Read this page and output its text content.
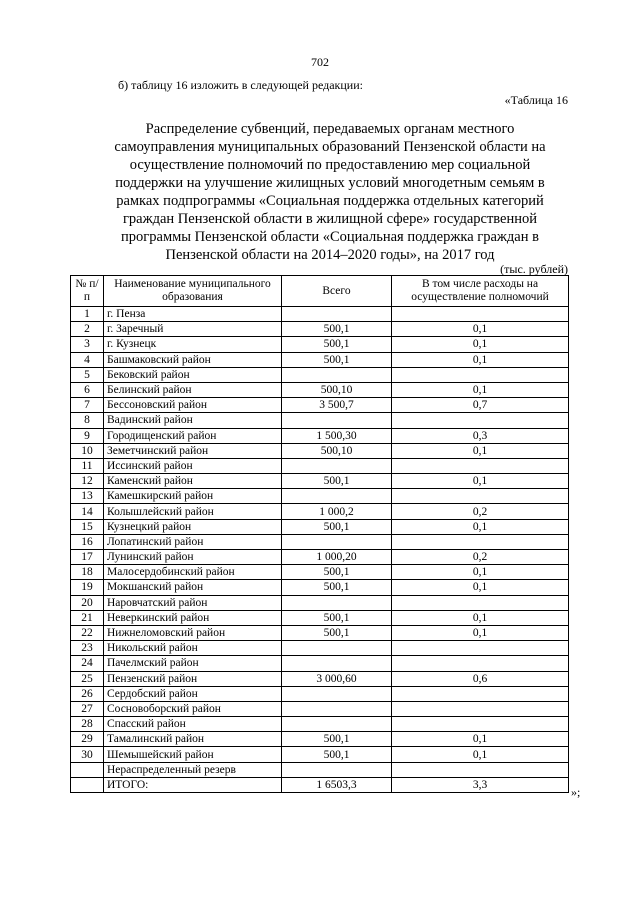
702
б) таблицу 16 изложить в следующей редакции:
«Таблица 16
Распределение субвенций, передаваемых органам местного
самоуправления муниципальных образований Пензенской области на
осуществление полномочий по предоставлению мер социальной
поддержки на улучшение жилищных условий многодетным семьям в
рамках подпрограммы «Социальная поддержка отдельных категорий
граждан Пензенской области в жилищной сфере» государственной
программы Пензенской области «Социальная поддержка граждан в
Пензенской области на 2014–2020 годы», на 2017 год
(тыс. рублей)
№ п/п	Наименование муниципального образования	Всего	В том числе расходы на осуществление полномочий
1	г. Пенза		
2	г. Заречный	500,1	0,1
3	г. Кузнецк	500,1	0,1
4	Башмаковский район	500,1	0,1
5	Бековский район		
6	Белинский район	500,10	0,1
7	Бессоновский район	3 500,7	0,7
8	Вадинский район		
9	Городищенский район	1 500,30	0,3
10	Земетчинский район	500,10	0,1
11	Иссинский район		
12	Каменский район	500,1	0,1
13	Камешкирский район		
14	Колышлейский район	1 000,2	0,2
15	Кузнецкий район	500,1	0,1
16	Лопатинский район		
17	Лунинский район	1 000,20	0,2
18	Малосердобинский район	500,1	0,1
19	Мокшанский район	500,1	0,1
20	Наровчатский район		
21	Неверкинский район	500,1	0,1
22	Нижнеломовский район	500,1	0,1
23	Никольский район		
24	Пачелмский район		
25	Пензенский район	3 000,60	0,6
26	Сердобский район		
27	Сосновоборский район		
28	Спасский район		
29	Тамалинский район	500,1	0,1
30	Шемышейский район	500,1	0,1
	Нераспределенный резерв		
	ИТОГО:	1 6503,3	3,3
»;
